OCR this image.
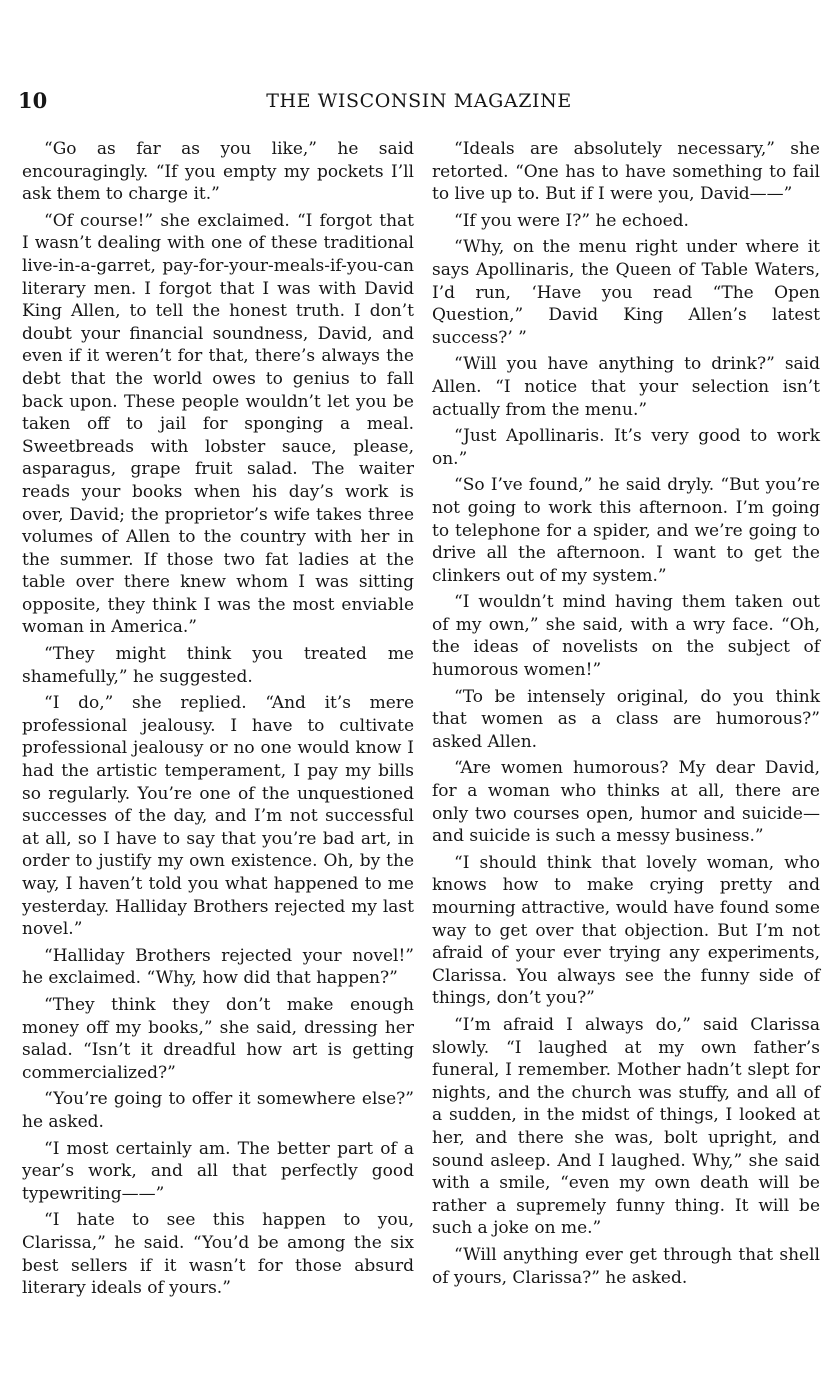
10	THE WISCONSIN MAGAZINE

“Go as far as you like,” he said encouragingly. “If you empty my pockets I’ll ask them to charge it.”

“Of course!” she exclaimed. “I forgot that I wasn’t dealing with one of these traditional live-in-a-garret, pay-for-your-meals-if-you-can literary men. I forgot that I was with David King Allen, to tell the honest truth. I don’t doubt your financial soundness, David, and even if it weren’t for that, there’s always the debt that the world owes to genius to fall back upon. These people wouldn’t let you be taken off to jail for sponging a meal. Sweetbreads with lobster sauce, please, asparagus, grape fruit salad. The waiter reads your books when his day’s work is over, David; the proprietor’s wife takes three volumes of Allen to the country with her in the summer. If those two fat ladies at the table over there knew whom I was sitting opposite, they think I was the most enviable woman in America.”

“They might think you treated me shamefully,” he suggested.

“I do,” she replied. “And it’s mere professional jealousy. I have to cultivate professional jealousy or no one would know I had the artistic temperament, I pay my bills so regularly. You’re one of the unquestioned successes of the day, and I’m not successful at all, so I have to say that you’re bad art, in order to justify my own existence. Oh, by the way, I haven’t told you what happened to me yesterday. Halliday Brothers rejected my last novel.”

“Halliday Brothers rejected your novel!” he exclaimed. “Why, how did that happen?”

“They think they don’t make enough money off my books,” she said, dressing her salad. “Isn’t it dreadful how art is getting commercialized?”

“You’re going to offer it somewhere else?” he asked.

“I most certainly am. The better part of a year’s work, and all that perfectly good typewriting——”

“I hate to see this happen to you, Clarissa,” he said. “You’d be among the six best sellers if it wasn’t for those absurd literary ideals of yours.”

“Ideals are absolutely necessary,” she retorted. “One has to have something to fail to live up to. But if I were you, David——”

“If you were I?” he echoed.

“Why, on the menu right under where it says Apollinaris, the Queen of Table Waters, I’d run, ‘Have you read “The Open Question,” David King Allen’s latest success?’ ”

“Will you have anything to drink?” said Allen. “I notice that your selection isn’t actually from the menu.”

“Just Apollinaris. It’s very good to work on.”

“So I’ve found,” he said dryly. “But you’re not going to work this afternoon. I’m going to telephone for a spider, and we’re going to drive all the afternoon. I want to get the clinkers out of my system.”

“I wouldn’t mind having them taken out of my own,” she said, with a wry face. “Oh, the ideas of novelists on the subject of humorous women!”

“To be intensely original, do you think that women as a class are humorous?” asked Allen.

“Are women humorous? My dear David, for a woman who thinks at all, there are only two courses open, humor and suicide—and suicide is such a messy business.”

“I should think that lovely woman, who knows how to make crying pretty and mourning attractive, would have found some way to get over that objection. But I’m not afraid of your ever trying any experiments, Clarissa. You always see the funny side of things, don’t you?”

“I’m afraid I always do,” said Clarissa slowly. “I laughed at my own father’s funeral, I remember. Mother hadn’t slept for nights, and the church was stuffy, and all of a sudden, in the midst of things, I looked at her, and there she was, bolt upright, and sound asleep. And I laughed. Why,” she said with a smile, “even my own death will be rather a supremely funny thing. It will be such a joke on me.”

“Will anything ever get through that shell of yours, Clarissa?” he asked.
